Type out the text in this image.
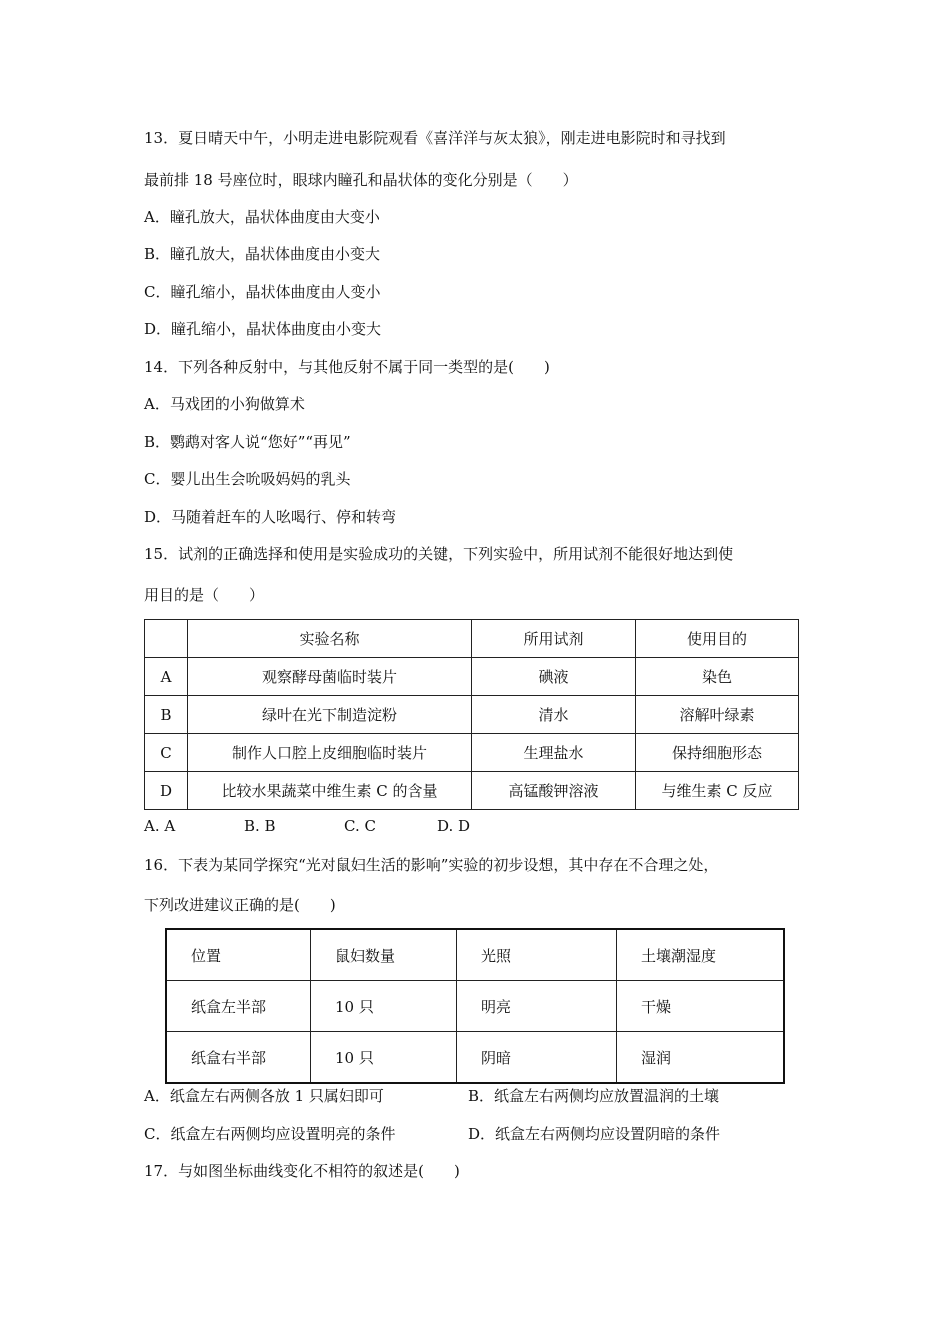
13．夏日晴天中午，小明走进电影院观看《喜洋洋与灰太狼》，刚走进电影院时和寻找到
最前排 18 号座位时，眼球内瞳孔和晶状体的变化分别是（　　）
A．瞳孔放大，晶状体曲度由大变小
B．瞳孔放大，晶状体曲度由小变大
C．瞳孔缩小，晶状体曲度由人变小
D．瞳孔缩小，晶状体曲度由小变大
14．下列各种反射中，与其他反射不属于同一类型的是(　　)
A．马戏团的小狗做算术
B．鹦鹉对客人说“您好”“再见”
C．婴儿出生会吮吸妈妈的乳头
D．马随着赶车的人吆喝行、停和转弯
15．试剂的正确选择和使用是实验成功的关键，下列实验中，所用试剂不能很好地达到使
用目的是（　　）
	实验名称	所用试剂	使用目的
A	观察酵母菌临时装片	碘液	染色
B	绿叶在光下制造淀粉	清水	溶解叶绿素
C	制作人口腔上皮细胞临时装片	生理盐水	保持细胞形态
D	比较水果蔬菜中维生素 C 的含量	高锰酸钾溶液	与维生素 C 反应
A. A	B. B	C. C	D. D
16．下表为某同学探究“光对鼠妇生活的影响”实验的初步设想，其中存在不合理之处，
下列改进建议正确的是(　　)
位置	鼠妇数量	光照	土壤潮湿度
纸盒左半部	10 只	明亮	干燥
纸盒右半部	10 只	阴暗	湿润
A．纸盒左右两侧各放 1 只属妇即可	B．纸盒左右两侧均应放置温润的土壤
C．纸盒左右两侧均应设置明亮的条件	D．纸盒左右两侧均应设置阴暗的条件
17．与如图坐标曲线变化不相符的叙述是(　　)
